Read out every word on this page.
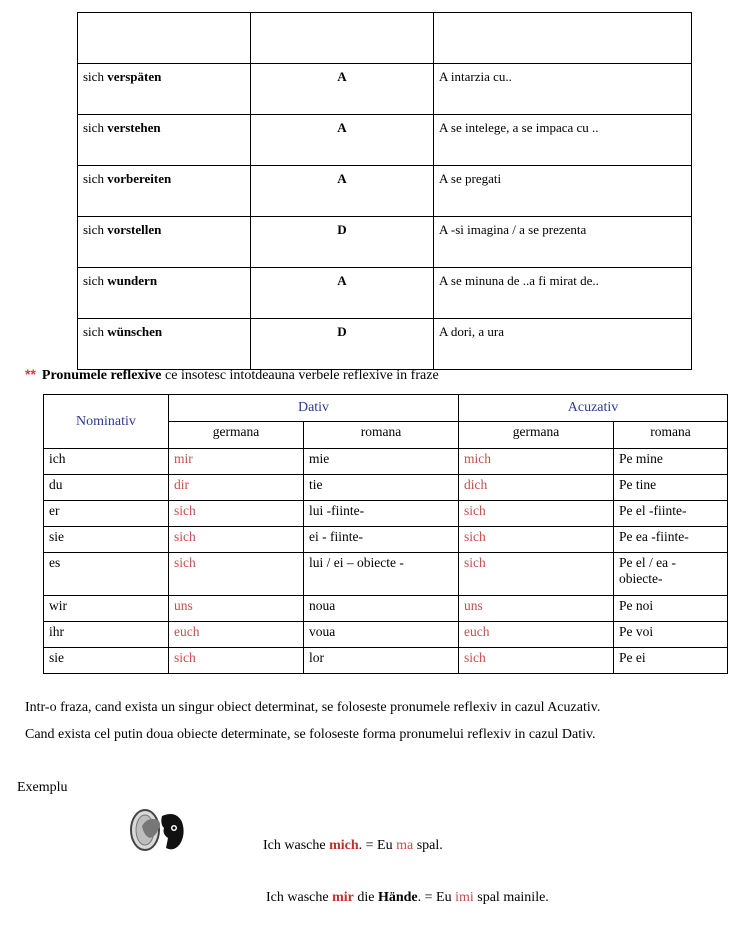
sich verspäten	A	A intarzia cu..
sich verstehen	A	A se intelege, a se impaca cu ..
sich vorbereiten	A	A se pregati
sich vorstellen	D	A -si imagina / a se prezenta
sich wundern	A	A se minuna de ..a fi mirat de..
sich wünschen	D	A dori, a ura
** Pronumele reflexive ce insotesc intotdeauna verbele reflexive in fraze
Nominativ	Dativ		Acuzativ	
	germana	romana	germana	romana
ich	mir	mie	mich	Pe mine
du	dir	tie	dich	Pe tine
er	sich	lui -fiinte-	sich	Pe el -fiinte-
sie	sich	ei - fiinte-	sich	Pe ea -fiinte-
es	sich	lui / ei – obiecte -	sich	Pe el / ea - obiecte-
wir	uns	noua	uns	Pe noi
ihr	euch	voua	euch	Pe voi
sie	sich	lor	sich	Pe ei
Intr-o fraza, cand exista un singur obiect determinat, se foloseste pronumele reflexiv in cazul Acuzativ.
Cand exista cel putin doua obiecte determinate, se foloseste forma pronumelui reflexiv in cazul Dativ.
Exemplu
Ich wasche mich. = Eu ma spal.
Ich wasche mir die Hände. = Eu imi spal mainile.
